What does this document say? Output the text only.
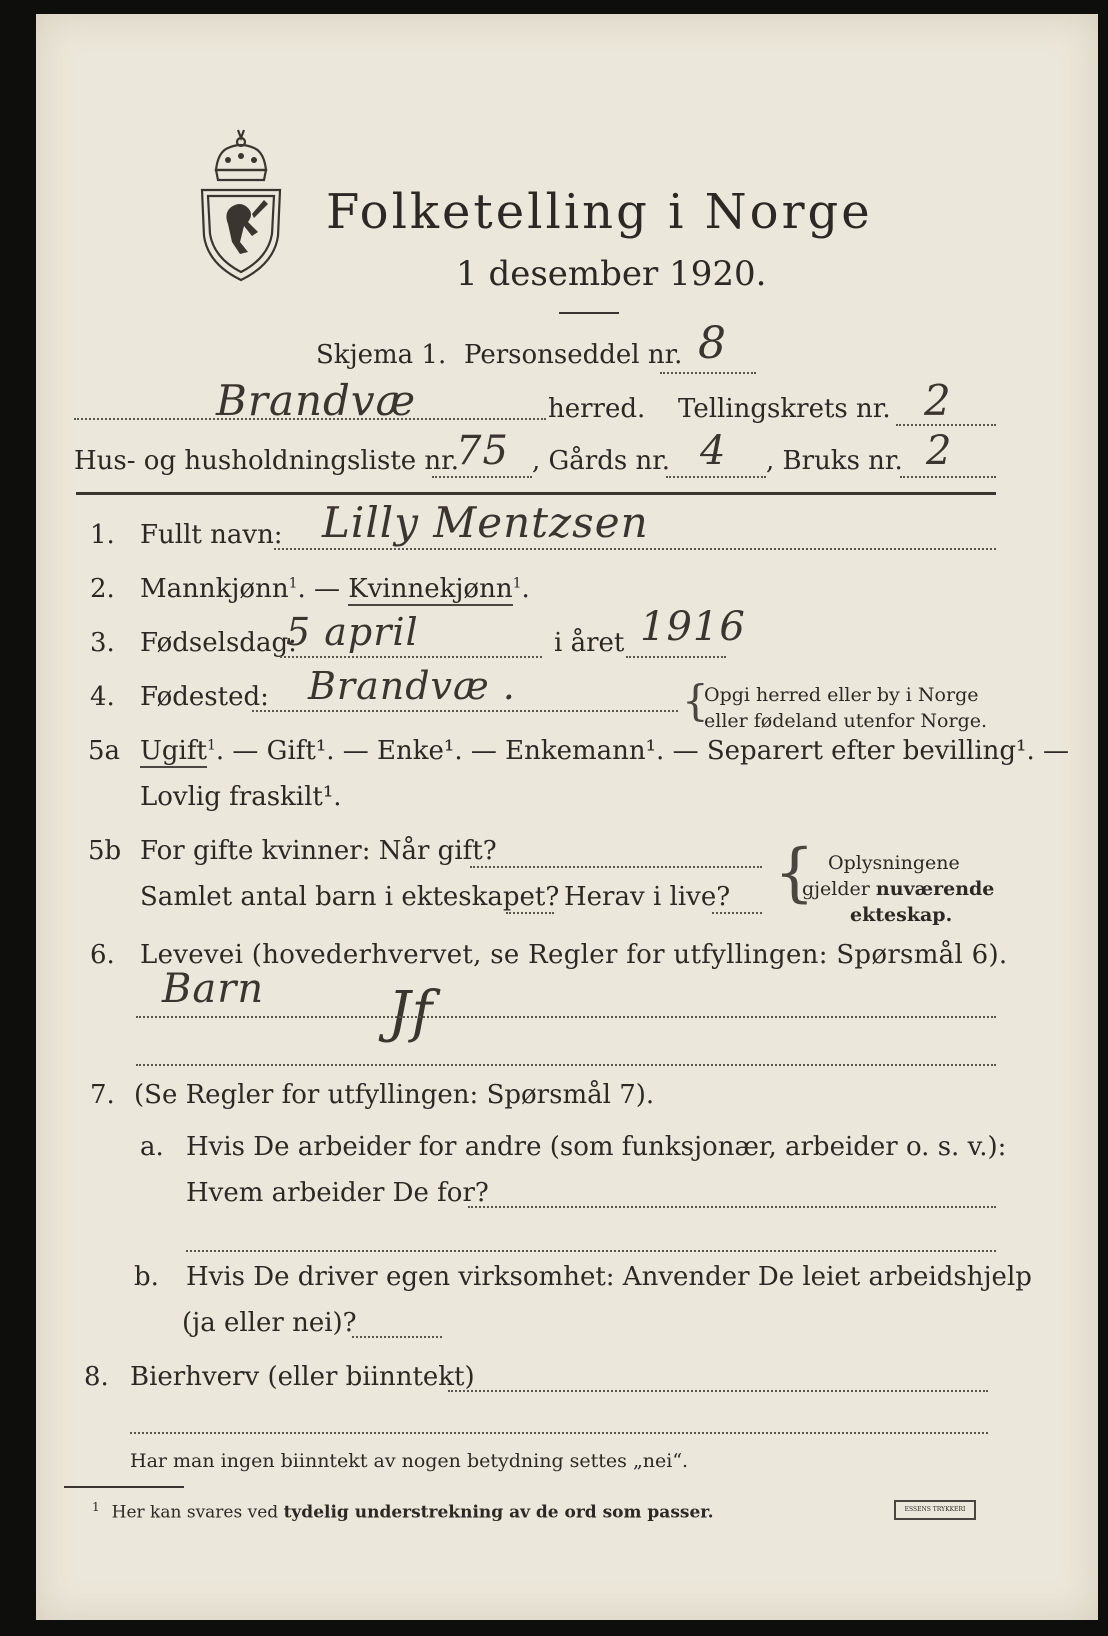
Folketelling i Norge
1 desember 1920.
Skjema 1. Personseddel nr. 8
Brandvæ	herred. Tellingskrets nr. 2
Hus- og husholdningsliste nr.
75 , Gårds nr. 4 , Bruks nr. 2
1. Fullt navn: Lilly Mentzsen
2. Mannkjønn$^1$. — Kvinnekjønn$^1$.
3. Fødselsdag:
5 april	i året 1916
4. Fødested: Brandvæ .	{
Opgi herred eller by i Norge
eller fødeland utenfor Norge.
5a Ugift$^1$. — Gift¹. — Enke¹. — Enkemann¹. — Separert efter bevilling¹. —
Lovlig fraskilt¹.
5b For gifte kvinner: Når gift?
Samlet antal barn i ekteskapet? Herav i live? { Oplysningene
gjelder nuværende
ekteskap.
6. Levevei (hovederhvervet, se Regler for utfyllingen: Spørsmål 6).
Barn Jf
7. (Se Regler for utfyllingen: Spørsmål 7).
a. Hvis De arbeider for andre (som funksjonær, arbeider o. s. v.):
Hvem arbeider De for?
b. Hvis De driver egen virksomhet: Anvender De leiet arbeidshjelp
(ja eller nei)?
8. Bierhverv (eller biinntekt)
Har man ingen biinntekt av nogen betydning settes „nei“.
$^1$ Her kan svares ved tydelig understrekning av de ord som passer.	ESSENS TRYKKERI
